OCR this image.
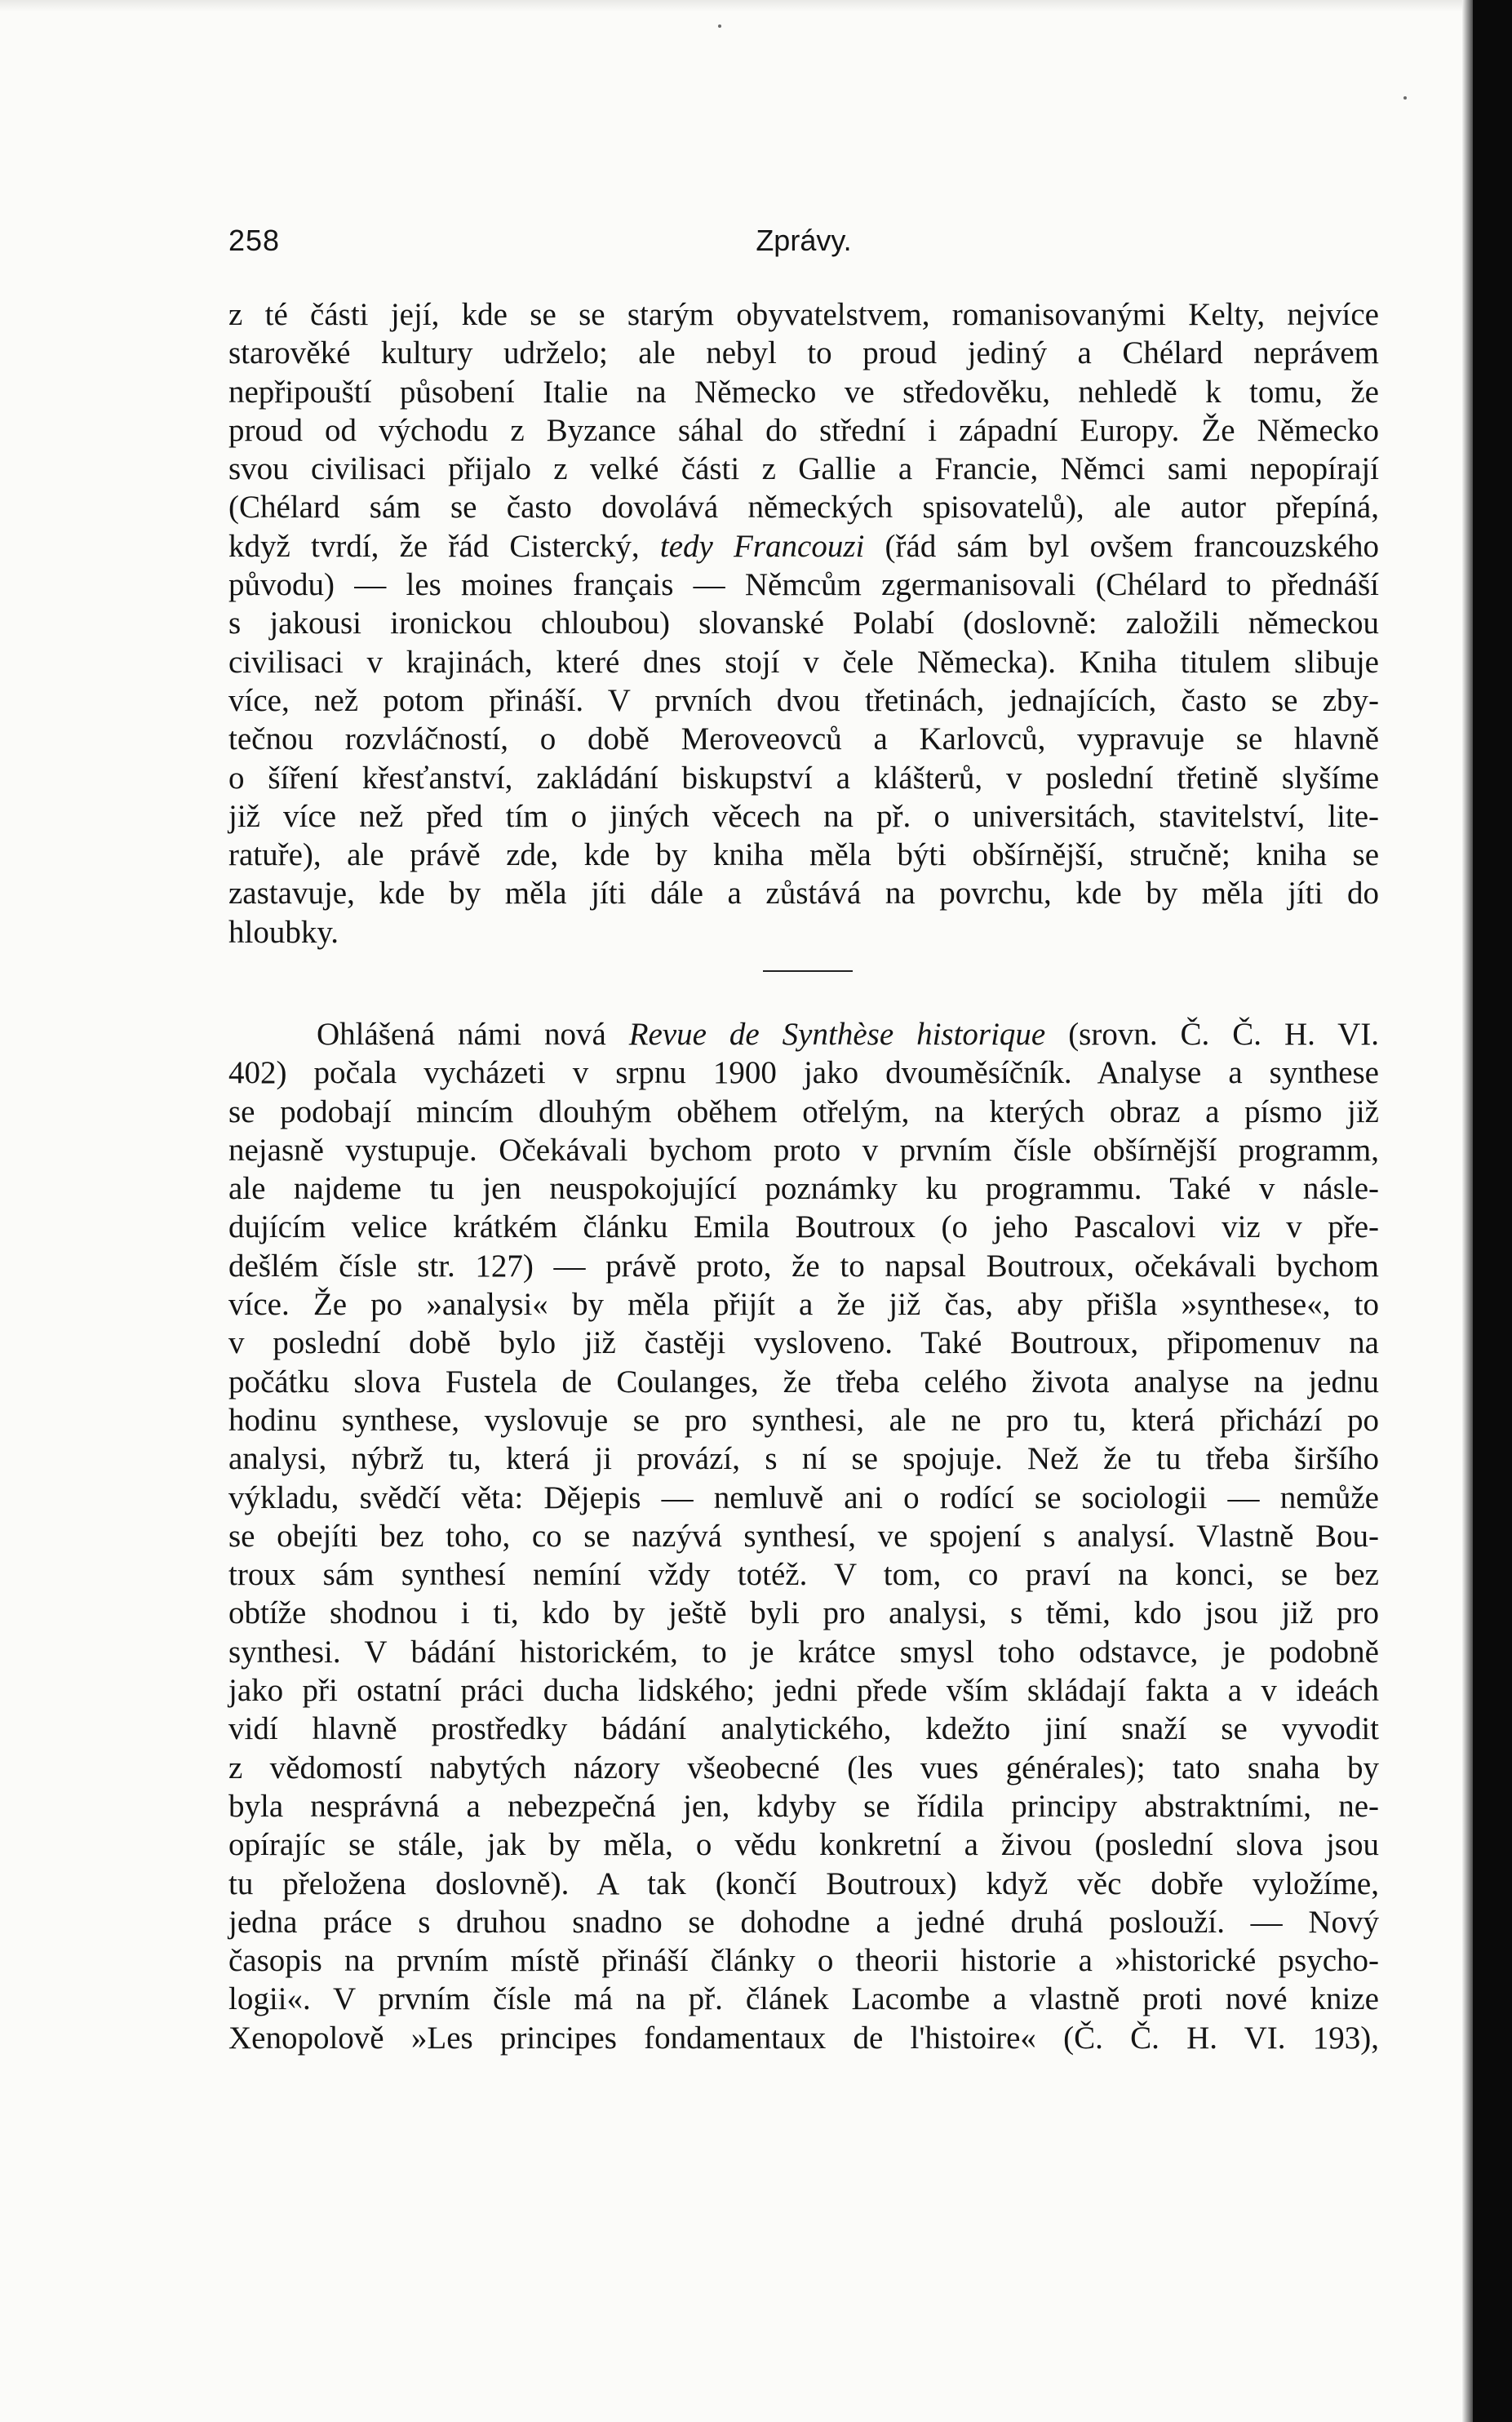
Zprávy.
258
z té části její, kde se se starým obyvatelstvem, romanisovanými Kelty, nejvíce
starověké kultury udrželo; ale nebyl to proud jediný a Chélard neprávem
nepřipouští působení Italie na Německo ve středověku, nehledě k tomu, že
proud od východu z Byzance sáhal do střední i západní Europy. Že Německo
svou civilisaci přijalo z velké části z Gallie a Francie, Němci sami nepopírají
(Chélard sám se často dovolává německých spisovatelů), ale autor přepíná,
když tvrdí, že řád Cistercký, tedy Francouzi (řád sám byl ovšem francouzského
původu) — les moines français — Němcům zgermanisovali (Chélard to přednáší
s jakousi ironickou chloubou) slovanské Polabí (doslovně: založili německou
civilisaci v krajinách, které dnes stojí v čele Německa). Kniha titulem slibuje
více, než potom přináší. V prvních dvou třetinách, jednajících, často se zby-
tečnou rozvláčností, o době Meroveovců a Karlovců, vypravuje se hlavně
o šíření křesťanství, zakládání biskupství a klášterů, v poslední třetině slyšíme
již více než před tím o jiných věcech na př. o universitách, stavitelství, lite-
ratuře), ale právě zde, kde by kniha měla býti obšírnější, stručně; kniha se
zastavuje, kde by měla jíti dále a zůstává na povrchu, kde by měla jíti do
hloubky.
Ohlášená námi nová Revue de Synthèse historique (srovn. Č. Č. H. VI.
402) počala vycházeti v srpnu 1900 jako dvouměsíčník. Analyse a synthese
se podobají mincím dlouhým oběhem otřelým, na kterých obraz a písmo již
nejasně vystupuje. Očekávali bychom proto v prvním čísle obšírnější programm,
ale najdeme tu jen neuspokojující poznámky ku programmu. Také v násle-
dujícím velice krátkém článku Emila Boutroux (o jeho Pascalovi viz v pře-
dešlém čísle str. 127) — právě proto, že to napsal Boutroux, očekávali bychom
více. Že po »analysi« by měla přijít a že již čas, aby přišla »synthese«, to
v poslední době bylo již častěji vysloveno. Také Boutroux, připomenuv na
počátku slova Fustela de Coulanges, že třeba celého života analyse na jednu
hodinu synthese, vyslovuje se pro synthesi, ale ne pro tu, která přichází po
analysi, nýbrž tu, která ji provází, s ní se spojuje. Než že tu třeba širšího
výkladu, svědčí věta: Dějepis — nemluvě ani o rodící se sociologii — nemůže
se obejíti bez toho, co se nazývá synthesí, ve spojení s analysí. Vlastně Bou-
troux sám synthesí nemíní vždy totéž. V tom, co praví na konci, se bez
obtíže shodnou i ti, kdo by ještě byli pro analysi, s těmi, kdo jsou již pro
synthesi. V bádání historickém, to je krátce smysl toho odstavce, je podobně
jako při ostatní práci ducha lidského; jedni přede vším skládají fakta a v ideách
vidí hlavně prostředky bádání analytického, kdežto jiní snaží se vyvodit
z vědomostí nabytých názory všeobecné (les vues générales); tato snaha by
byla nesprávná a nebezpečná jen, kdyby se řídila principy abstraktními, ne-
opírajíc se stále, jak by měla, o vědu konkretní a živou (poslední slova jsou
tu přeložena doslovně). A tak (končí Boutroux) když věc dobře vyložíme,
jedna práce s druhou snadno se dohodne a jedné druhá poslouží. — Nový
časopis na prvním místě přináší články o theorii historie a »historické psycho-
logii«. V prvním čísle má na př. článek Lacombe a vlastně proti nové knize
Xenopolově »Les principes fondamentaux de l'histoire« (Č. Č. H. VI. 193),
